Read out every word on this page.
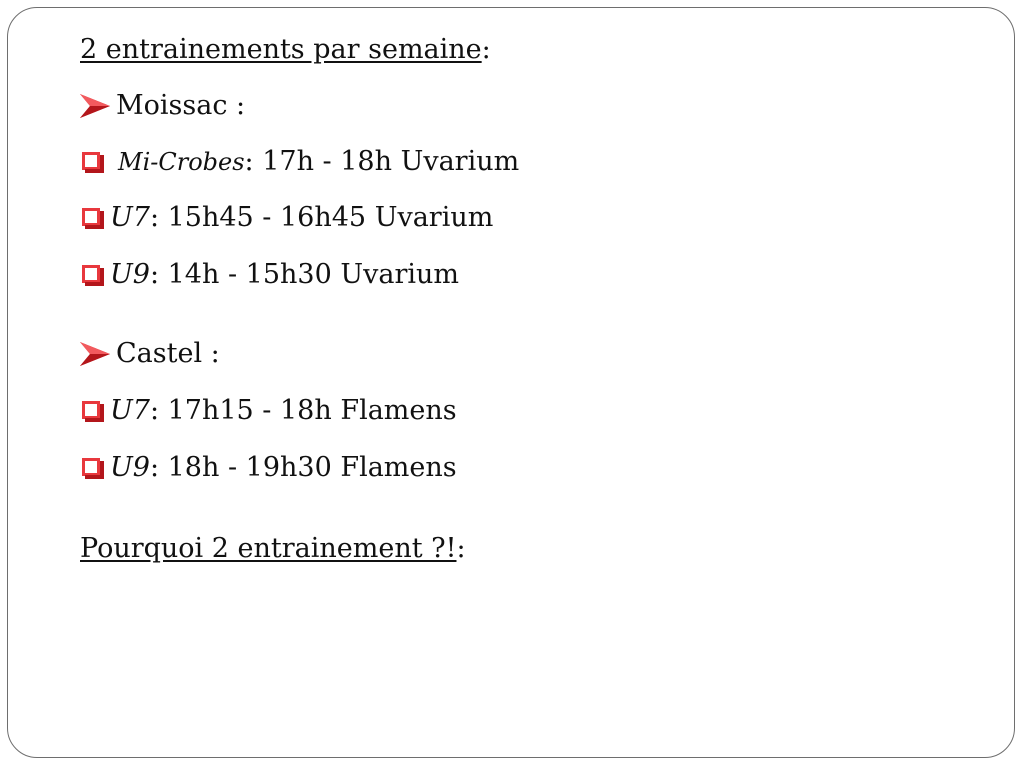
2 entrainements par semaine :
Moissac :
Mi-Crobes : 17h - 18h Uvarium
U7 : 15h45 - 16h45 Uvarium
U9 : 14h - 15h30 Uvarium
Castel :
U7 : 17h15 - 18h Flamens
U9 : 18h - 19h30 Flamens
Pourquoi 2 entrainement ?! :
